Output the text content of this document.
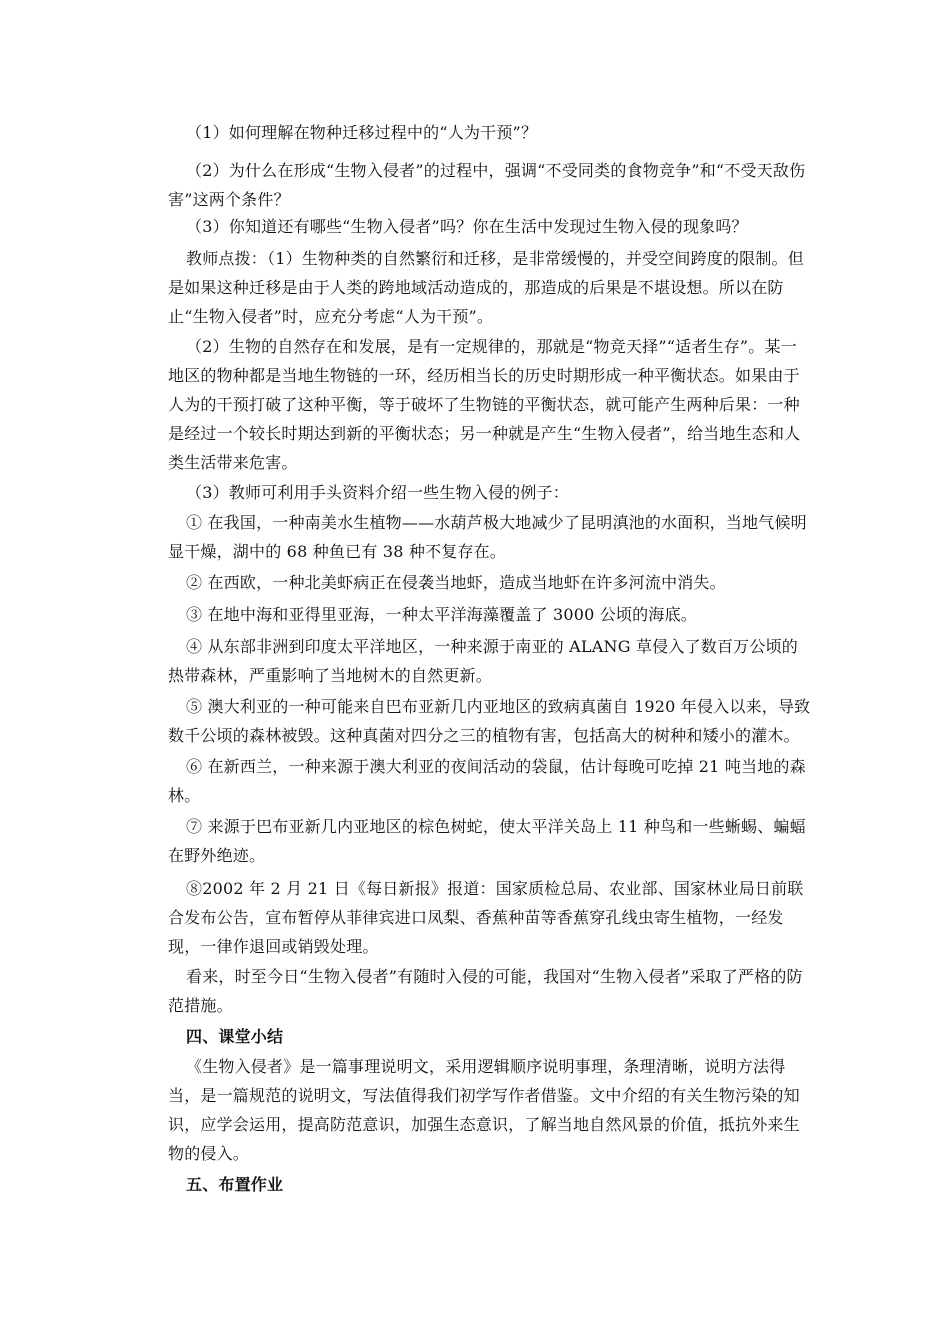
（1）如何理解在物种迁移过程中的“人为干预”？

（2）为什么在形成“生物入侵者”的过程中，强调“不受同类的食物竞争”和“不受天敌伤害”这两个条件？

（3）你知道还有哪些“生物入侵者”吗？你在生活中发现过生物入侵的现象吗？

教师点拨：（1）生物种类的自然繁衍和迁移，是非常缓慢的，并受空间跨度的限制。但是如果这种迁移是由于人类的跨地域活动造成的，那造成的后果是不堪设想。所以在防止“生物入侵者”时，应充分考虑“人为干预”。

（2）生物的自然存在和发展，是有一定规律的，那就是“物竞天择”“适者生存”。某一地区的物种都是当地生物链的一环，经历相当长的历史时期形成一种平衡状态。如果由于人为的干预打破了这种平衡，等于破坏了生物链的平衡状态，就可能产生两种后果：一种是经过一个较长时期达到新的平衡状态；另一种就是产生“生物入侵者”，给当地生态和人类生活带来危害。

（3）教师可利用手头资料介绍一些生物入侵的例子：

① 在我国，一种南美水生植物——水葫芦极大地减少了昆明滇池的水面积，当地气候明显干燥，湖中的 68 种鱼已有 38 种不复存在。

② 在西欧，一种北美虾病正在侵袭当地虾，造成当地虾在许多河流中消失。

③ 在地中海和亚得里亚海，一种太平洋海藻覆盖了 3000 公顷的海底。

④ 从东部非洲到印度太平洋地区，一种来源于南亚的 ALANG 草侵入了数百万公顷的热带森林，严重影响了当地树木的自然更新。

⑤ 澳大利亚的一种可能来自巴布亚新几内亚地区的致病真菌自 1920 年侵入以来，导致数千公顷的森林被毁。这种真菌对四分之三的植物有害，包括高大的树种和矮小的灌木。

⑥ 在新西兰，一种来源于澳大利亚的夜间活动的袋鼠，估计每晚可吃掉 21 吨当地的森林。

⑦ 来源于巴布亚新几内亚地区的棕色树蛇，使太平洋关岛上 11 种鸟和一些蜥蜴、蝙蝠在野外绝迹。

⑧2002 年 2 月 21 日《每日新报》报道：国家质检总局、农业部、国家林业局日前联合发布公告，宣布暂停从菲律宾进口凤梨、香蕉种苗等香蕉穿孔线虫寄生植物，一经发现，一律作退回或销毁处理。

看来，时至今日“生物入侵者”有随时入侵的可能，我国对“生物入侵者”采取了严格的防范措施。

四、课堂小结

《生物入侵者》是一篇事理说明文，采用逻辑顺序说明事理，条理清晰，说明方法得当，是一篇规范的说明文，写法值得我们初学写作者借鉴。文中介绍的有关生物污染的知识，应学会运用，提高防范意识，加强生态意识，了解当地自然风景的价值，抵抗外来生物的侵入。

五、布置作业
